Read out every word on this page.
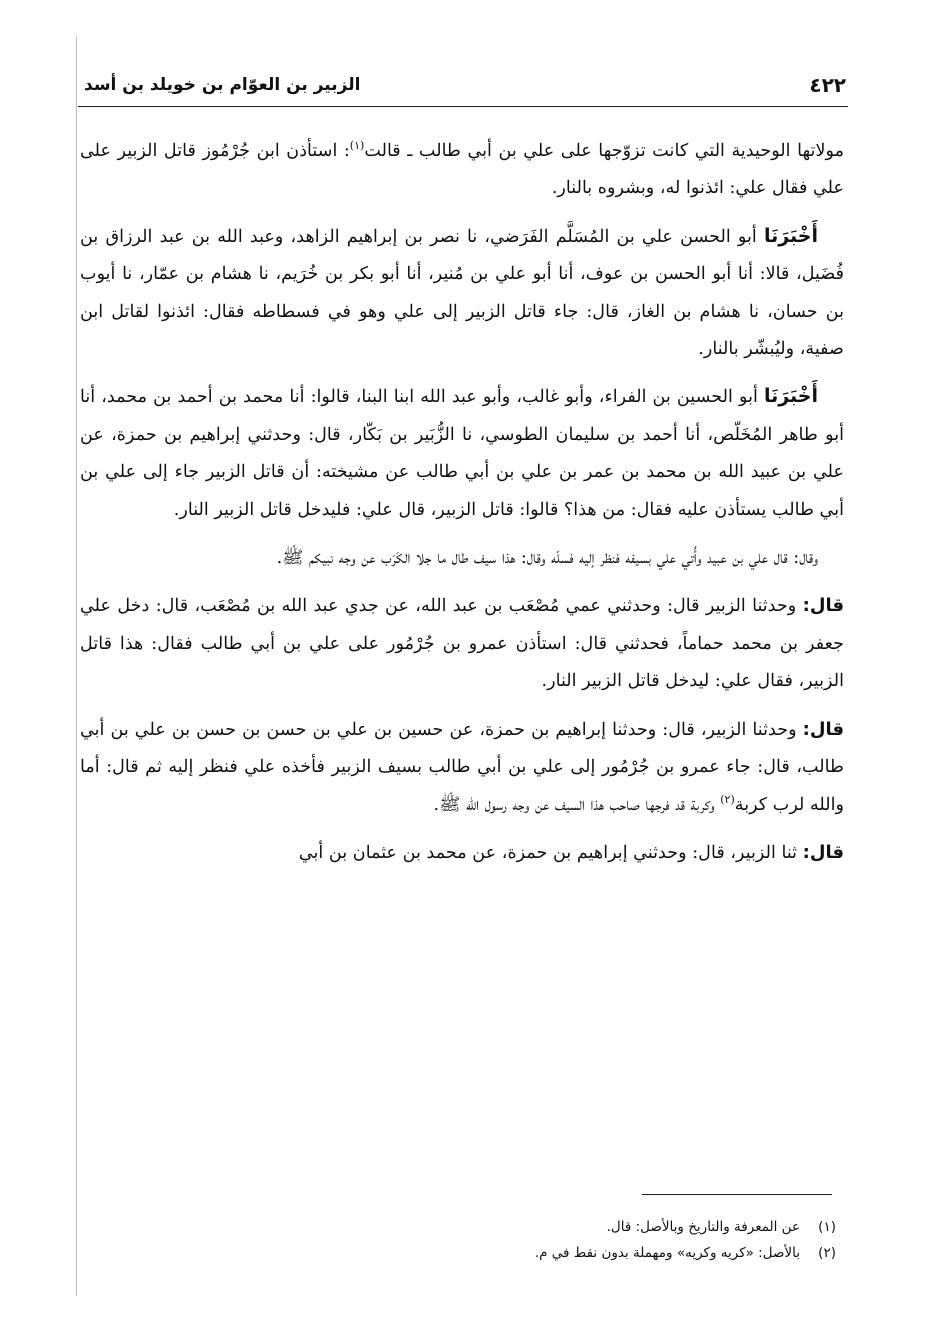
٤٢٢
الزبير بن العوّام بن خويلد بن أسد

مولاتها الوحيدية التي كانت تزوّجها على علي بن أبي طالب ـ قالت$^{(١)}$: استأذن ابن جُرْمُوز قاتل الزبير على علي فقال علي: ائذنوا له، وبشروه بالنار.

أَخْبَرَنَا أبو الحسن علي بن المُسَلَّم الفَرَضي، نا نصر بن إبراهيم الزاهد، وعبد الله بن عبد الرزاق بن فُضَيل، قالا: أنا أبو الحسن بن عوف، أنا أبو علي بن مُنير، أنا أبو بكر بن خُرَيم، نا هشام بن عمّار، نا أيوب بن حسان، نا هشام بن الغاز، قال: جاء قاتل الزبير إلى علي وهو في فسطاطه فقال: ائذنوا لقاتل ابن صفية، وليُبشّر بالنار.

أَخْبَرَنَا أبو الحسين بن الفراء، وأبو غالب، وأبو عبد الله ابنا البنا، قالوا: أنا محمد بن أحمد بن محمد، أنا أبو طاهر المُخَلّص، أنا أحمد بن سليمان الطوسي، نا الزُّبَير بن بَكّار، قال: وحدثني إبراهيم بن حمزة، عن علي بن عبيد الله بن محمد بن عمر بن علي بن أبي طالب عن مشيخته: أن قاتل الزبير جاء إلى علي بن أبي طالب يستأذن عليه فقال: من هذا؟ قالوا: قاتل الزبير، قال علي: فليدخل قاتل الزبير النار.

وقال: قال علي بن عبيد وأُتي علي بسيفه فنظر إليه فسلّه وقال: هذا سيف طال ما جلا الكَرَب عن وجه نبيكم ﷺ.

قال: وحدثنا الزبير قال: وحدثني عمي مُصْعَب بن عبد الله، عن جدي عبد الله بن مُصْعَب، قال: دخل علي جعفر بن محمد حماماً، فحدثني قال: استأذن عمرو بن جُرْمُور على علي بن أبي طالب فقال: هذا قاتل الزبير، فقال علي: ليدخل قاتل الزبير النار.

قال: وحدثنا الزبير، قال: وحدثنا إبراهيم بن حمزة، عن حسين بن علي بن حسن بن حسن بن علي بن أبي طالب، قال: جاء عمرو بن جُرْمُور إلى علي بن أبي طالب بسيف الزبير فأخذه علي فنظر إليه ثم قال: أما والله لرب كربة$^{(٢)}$ وكربة قد فرجها صاحب هذا السيف عن وجه رسول الله ﷺ.

قال: ثنا الزبير، قال: وحدثني إبراهيم بن حمزة، عن محمد بن عثمان بن أبي

(١)
عن المعرفة والتاريخ وبالأصل: قال.
(٢)
بالأصل: «كريه وكريه» ومهملة بدون نقط في م.
